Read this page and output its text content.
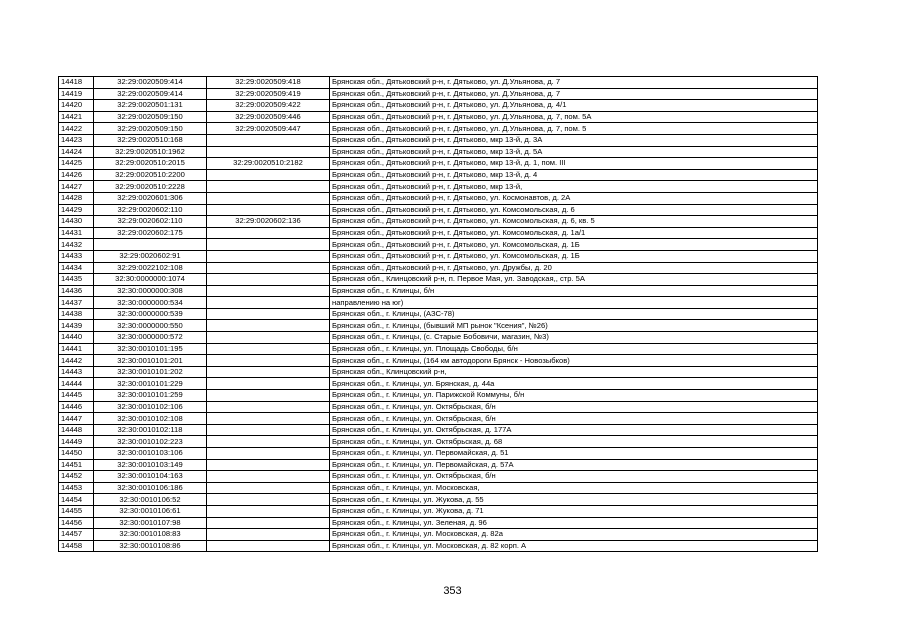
14418	32:29:0020509:414	32:29:0020509:418	Брянская обл., Дятьковский р-н, г. Дятьково, ул. Д.Ульянова, д. 7
14419	32:29:0020509:414	32:29:0020509:419	Брянская обл., Дятьковский р-н, г. Дятьково, ул. Д.Ульянова, д. 7
14420	32:29:0020501:131	32:29:0020509:422	Брянская обл., Дятьковский р-н, г. Дятьково, ул. Д.Ульянова, д. 4/1
14421	32:29:0020509:150	32:29:0020509:446	Брянская обл., Дятьковский р-н, г. Дятьково, ул. Д.Ульянова, д. 7, пом. 5А
14422	32:29:0020509:150	32:29:0020509:447	Брянская обл., Дятьковский р-н, г. Дятьково, ул. Д.Ульянова, д. 7, пом. 5
14423	32:29:0020510:168		Брянская обл., Дятьковский р-н, г. Дятьково, мкр 13-й, д. 3А
14424	32:29:0020510:1962		Брянская обл., Дятьковский р-н, г. Дятьково, мкр 13-й, д. 5А
14425	32:29:0020510:2015	32:29:0020510:2182	Брянская обл., Дятьковский р-н, г. Дятьково, мкр 13-й, д. 1, пом. III
14426	32:29:0020510:2200		Брянская обл., Дятьковский р-н, г. Дятьково, мкр 13-й, д. 4
14427	32:29:0020510:2228		Брянская обл., Дятьковский р-н, г. Дятьково, мкр 13-й,
14428	32:29:0020601:306		Брянская обл., Дятьковский р-н, г. Дятьково, ул. Космонавтов, д. 2А
14429	32:29:0020602:110		Брянская обл., Дятьковский р-н, г. Дятьково, ул. Комсомольская, д. 6
14430	32:29:0020602:110	32:29:0020602:136	Брянская обл., Дятьковский р-н, г. Дятьково, ул. Комсомольская, д. 6, кв. 5
14431	32:29:0020602:175		Брянская обл., Дятьковский р-н, г. Дятьково, ул. Комсомольская, д. 1а/1
14432			Брянская обл., Дятьковский р-н, г. Дятьково, ул. Комсомольская, д. 1Б
14433	32:29:0020602:91		Брянская обл., Дятьковский р-н, г. Дятьково, ул. Комсомольская, д. 1Б
14434	32:29:0022102:108		Брянская обл., Дятьковский р-н, г. Дятьково, ул. Дружбы, д. 20
14435	32:30:0000000:1074		Брянская обл., Клинцовский р-н, п. Первое Мая, ул. Заводская,, стр. 5А
14436	32:30:0000000:308		Брянская обл., г. Клинцы, б/н
14437	32:30:0000000:534		направлению на юг)
14438	32:30:0000000:539		Брянская обл., г. Клинцы, (АЗС-78)
14439	32:30:0000000:550		Брянская обл., г. Клинцы, (бывший МП рынок "Ксения", №26)
14440	32:30:0000000:572		Брянская обл., г. Клинцы, (с. Старые Бобовичи, магазин, №3)
14441	32:30:0010101:195		Брянская обл., г. Клинцы, ул. Площадь Свободы, б/н
14442	32:30:0010101:201		Брянская обл., г. Клинцы, (164 км автодороги Брянск - Новозыбков)
14443	32:30:0010101:202		Брянская обл., Клинцовский р-н,
14444	32:30:0010101:229		Брянская обл., г. Клинцы, ул. Брянская, д. 44а
14445	32:30:0010101:259		Брянская обл., г. Клинцы, ул. Парижской Коммуны, б/н
14446	32:30:0010102:106		Брянская обл., г. Клинцы, ул. Октябрьская, б/н
14447	32:30:0010102:108		Брянская обл., г. Клинцы, ул. Октябрьская, б/н
14448	32:30:0010102:118		Брянская обл., г. Клинцы, ул. Октябрьская, д. 177А
14449	32:30:0010102:223		Брянская обл., г. Клинцы, ул. Октябрьская, д. 68
14450	32:30:0010103:106		Брянская обл., г. Клинцы, ул. Первомайская, д. 51
14451	32:30:0010103:149		Брянская обл., г. Клинцы, ул. Первомайская, д. 57А
14452	32:30:0010104:163		Брянская обл., г. Клинцы, ул. Октябрьская, б/н
14453	32:30:0010106:186		Брянская обл., г. Клинцы, ул. Московская,
14454	32:30:0010106:52		Брянская обл., г. Клинцы, ул. Жукова, д. 55
14455	32:30:0010106:61		Брянская обл., г. Клинцы, ул. Жукова, д. 71
14456	32:30:0010107:98		Брянская обл., г. Клинцы, ул. Зеленая, д. 96
14457	32:30:0010108:83		Брянская обл., г. Клинцы, ул. Московская, д. 82а
14458	32:30:0010108:86		Брянская обл., г. Клинцы, ул. Московская, д. 82 корп. А
353
